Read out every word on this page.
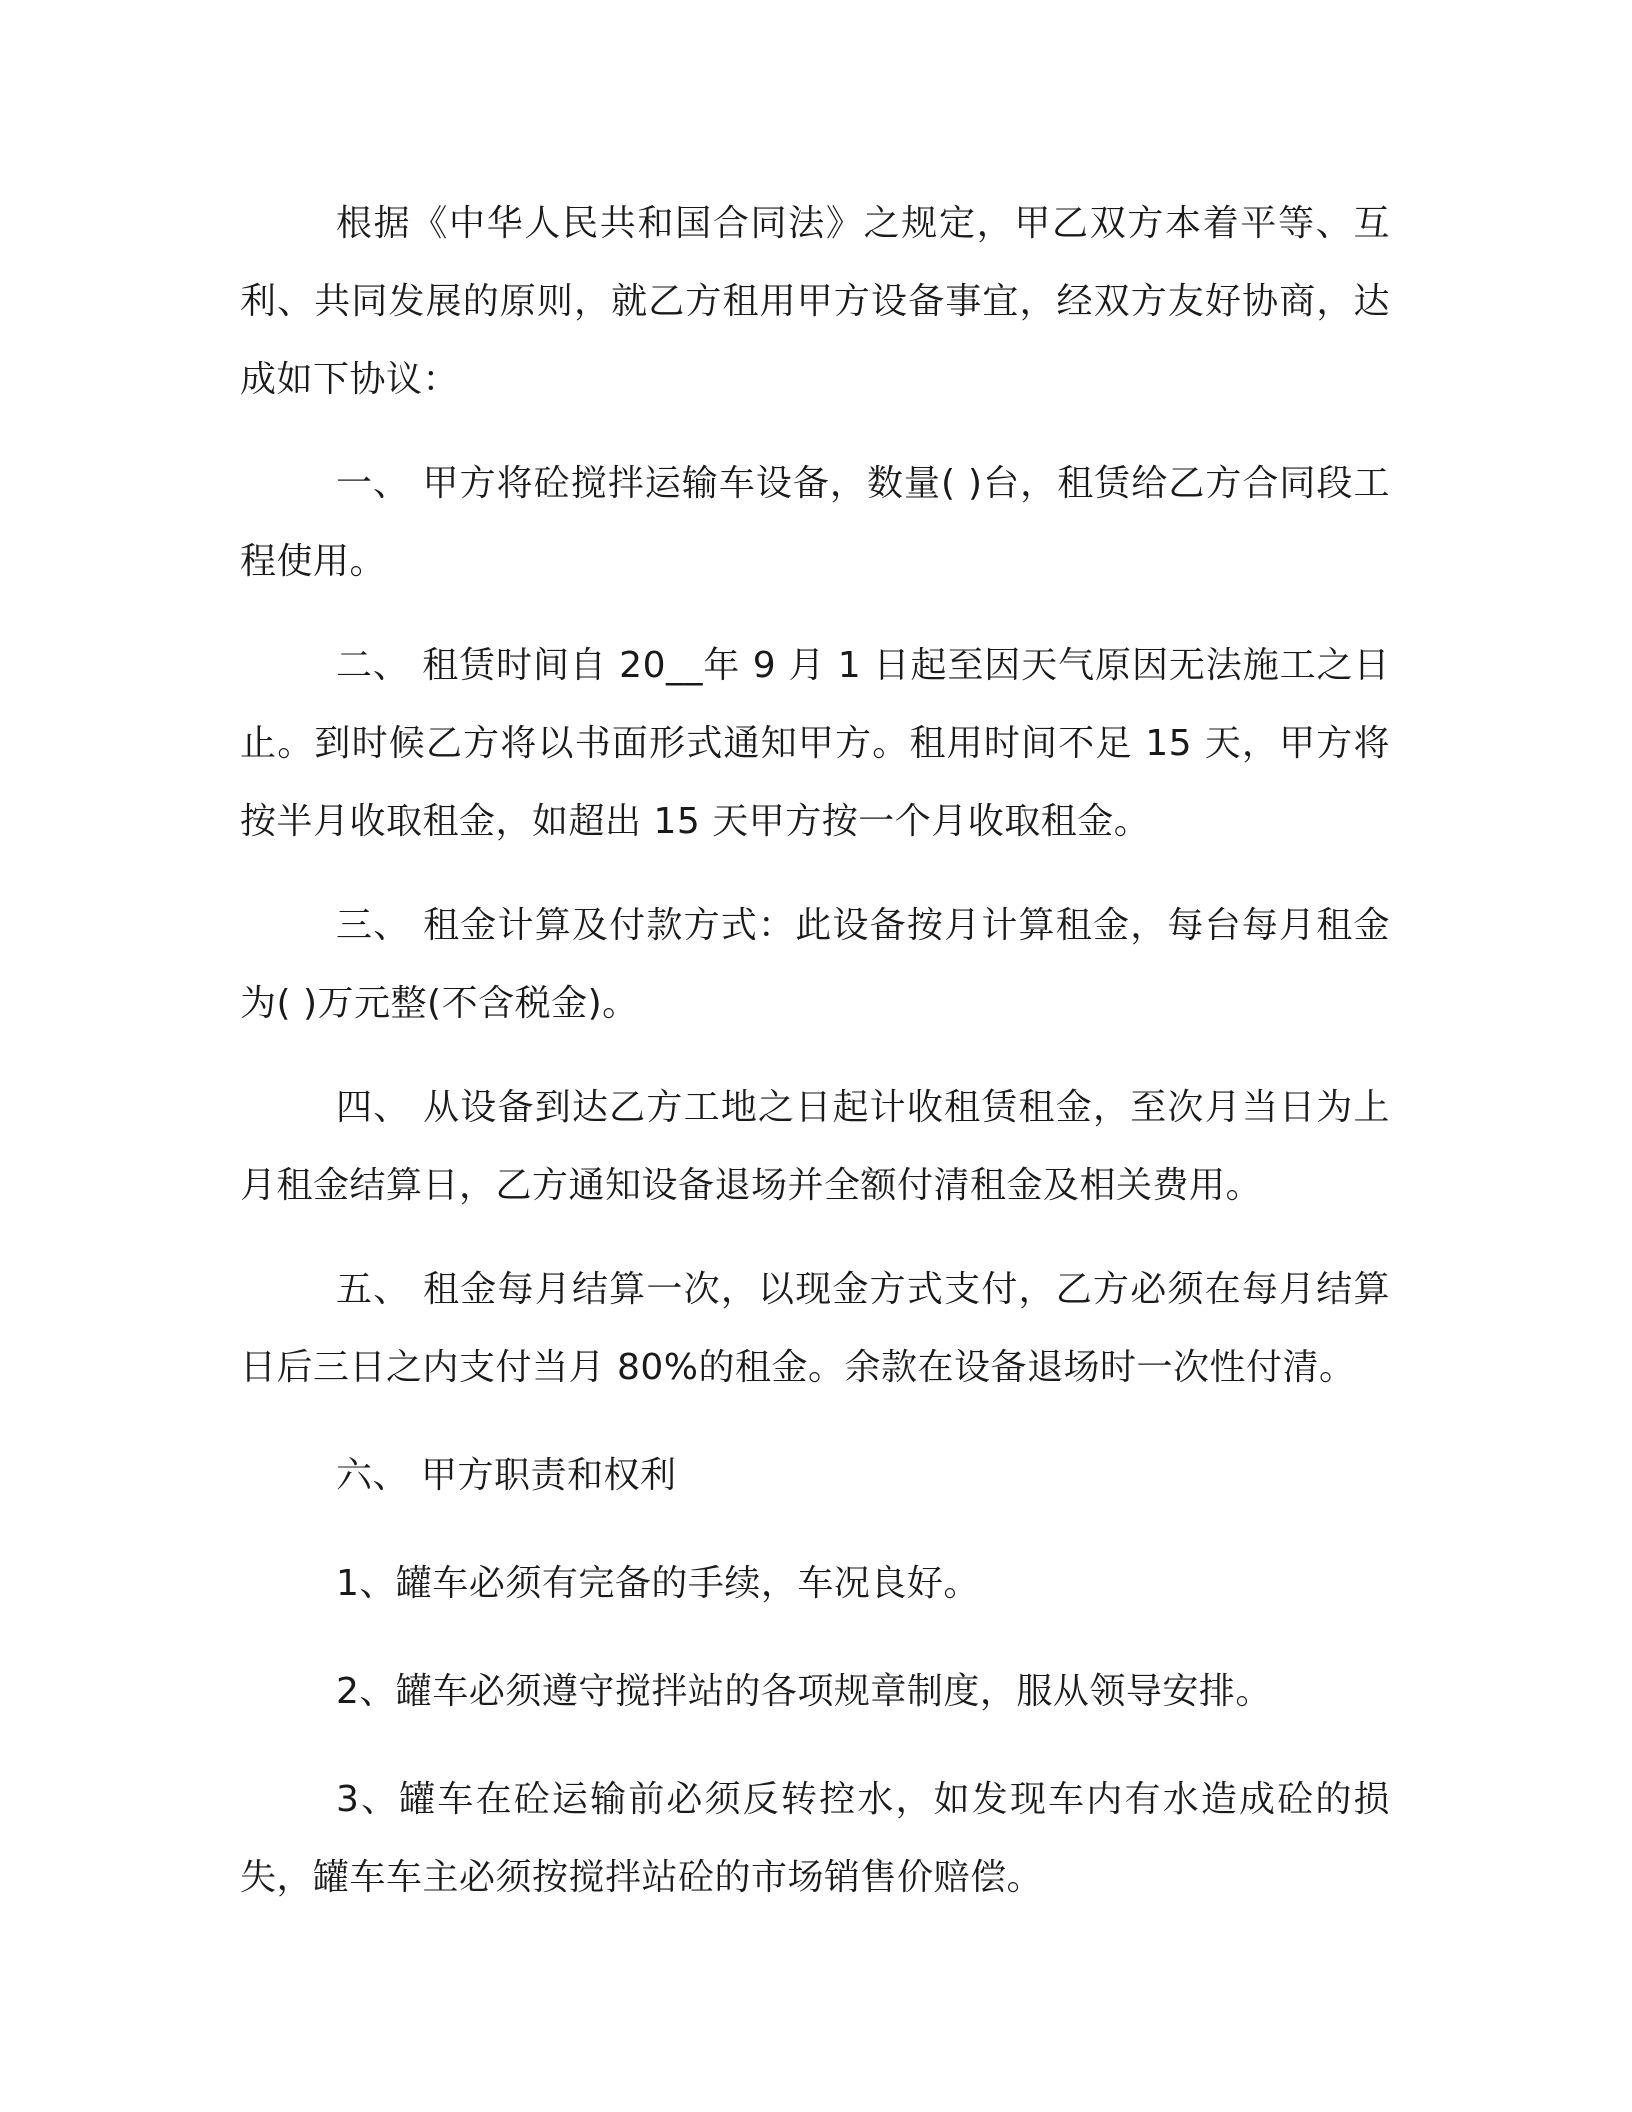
根据《中华人民共和国合同法》之规定，甲乙双方本着平等、互利、共同发展的原则，就乙方租用甲方设备事宜，经双方友好协商，达成如下协议：

一、 甲方将砼搅拌运输车设备，数量( )台，租赁给乙方合同段工程使用。

二、 租赁时间自 20__年 9 月 1 日起至因天气原因无法施工之日止。到时候乙方将以书面形式通知甲方。租用时间不足 15 天，甲方将按半月收取租金，如超出 15 天甲方按一个月收取租金。

三、 租金计算及付款方式：此设备按月计算租金，每台每月租金为( )万元整(不含税金)。

四、 从设备到达乙方工地之日起计收租赁租金，至次月当日为上月租金结算日，乙方通知设备退场并全额付清租金及相关费用。

五、 租金每月结算一次，以现金方式支付，乙方必须在每月结算日后三日之内支付当月 80%的租金。余款在设备退场时一次性付清。

六、 甲方职责和权利

1、罐车必须有完备的手续，车况良好。

2、罐车必须遵守搅拌站的各项规章制度，服从领导安排。

3、罐车在砼运输前必须反转控水，如发现车内有水造成砼的损失，罐车车主必须按搅拌站砼的市场销售价赔偿。
